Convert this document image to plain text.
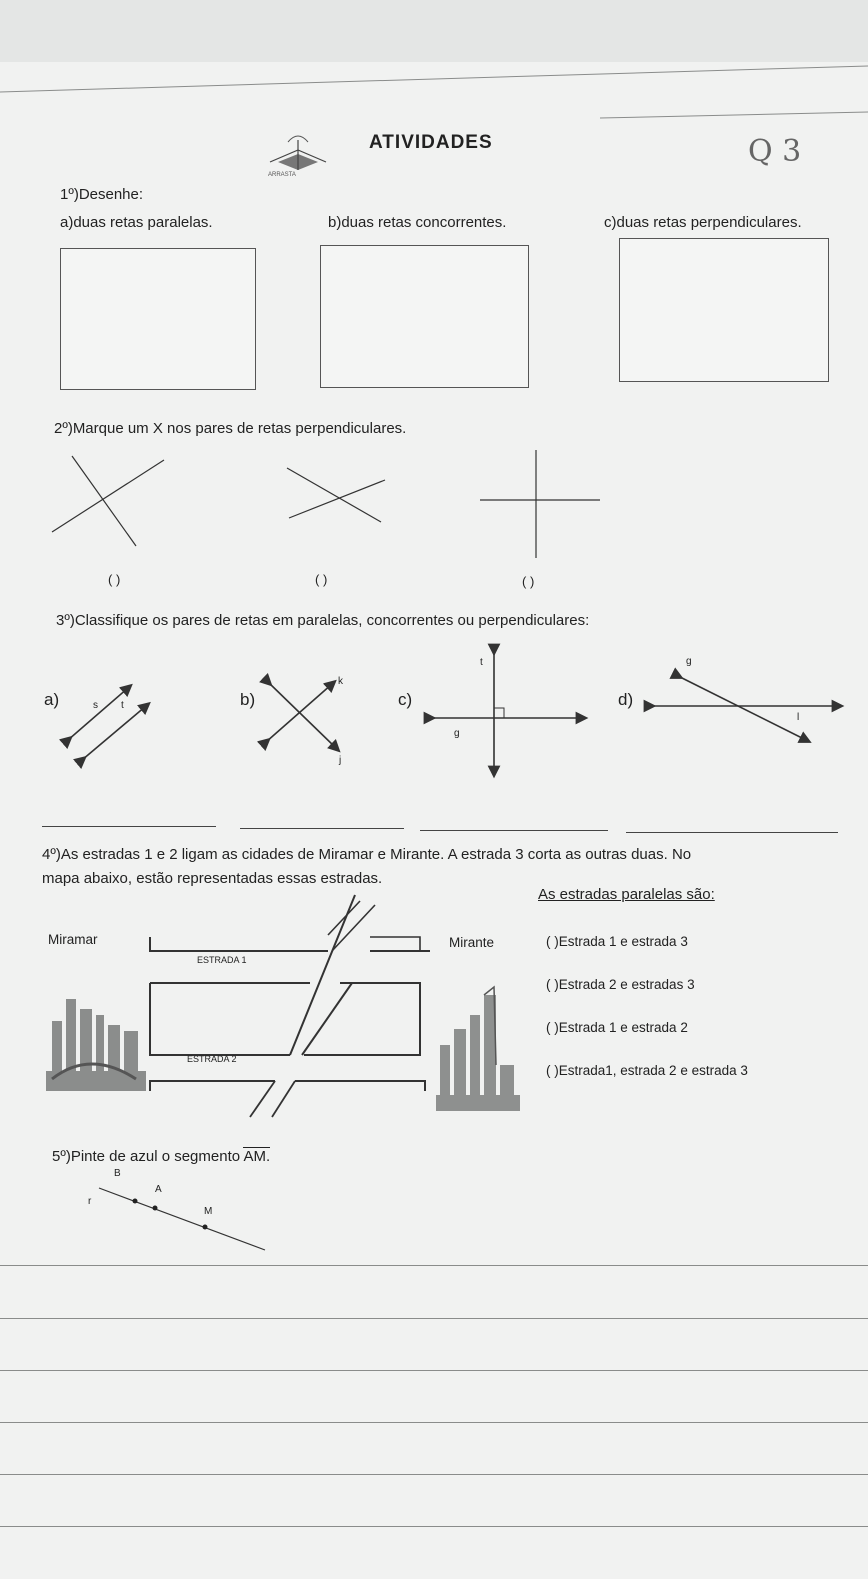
ARRASTA
ATIVIDADES	Q 3
1º)Desenhe:
a)duas retas paralelas.	b)duas retas concorrentes.	c)duas retas perpendiculares.
2º)Marque um X nos pares de retas perpendiculares.
( )	( )	( )
3º)Classifique os pares de retas em paralelas, concorrentes ou perpendiculares:
a)	s t	b)
k
j
c)
t
g
d)
g
l
4º)As estradas 1 e 2 ligam as cidades de Miramar e Mirante. A estrada 3 corta as outras duas. No
mapa abaixo, estão representadas essas estradas.
Miramar	Mirante
ESTRADA 1
ESTRADA 2
As estradas paralelas são:
( )Estrada 1 e estrada 3
( )Estrada 2 e estradas 3
( )Estrada 1 e estrada 2
( )Estrada1, estrada 2 e estrada 3
5º)Pinte de azul o segmento AM.
B
A
r
M
